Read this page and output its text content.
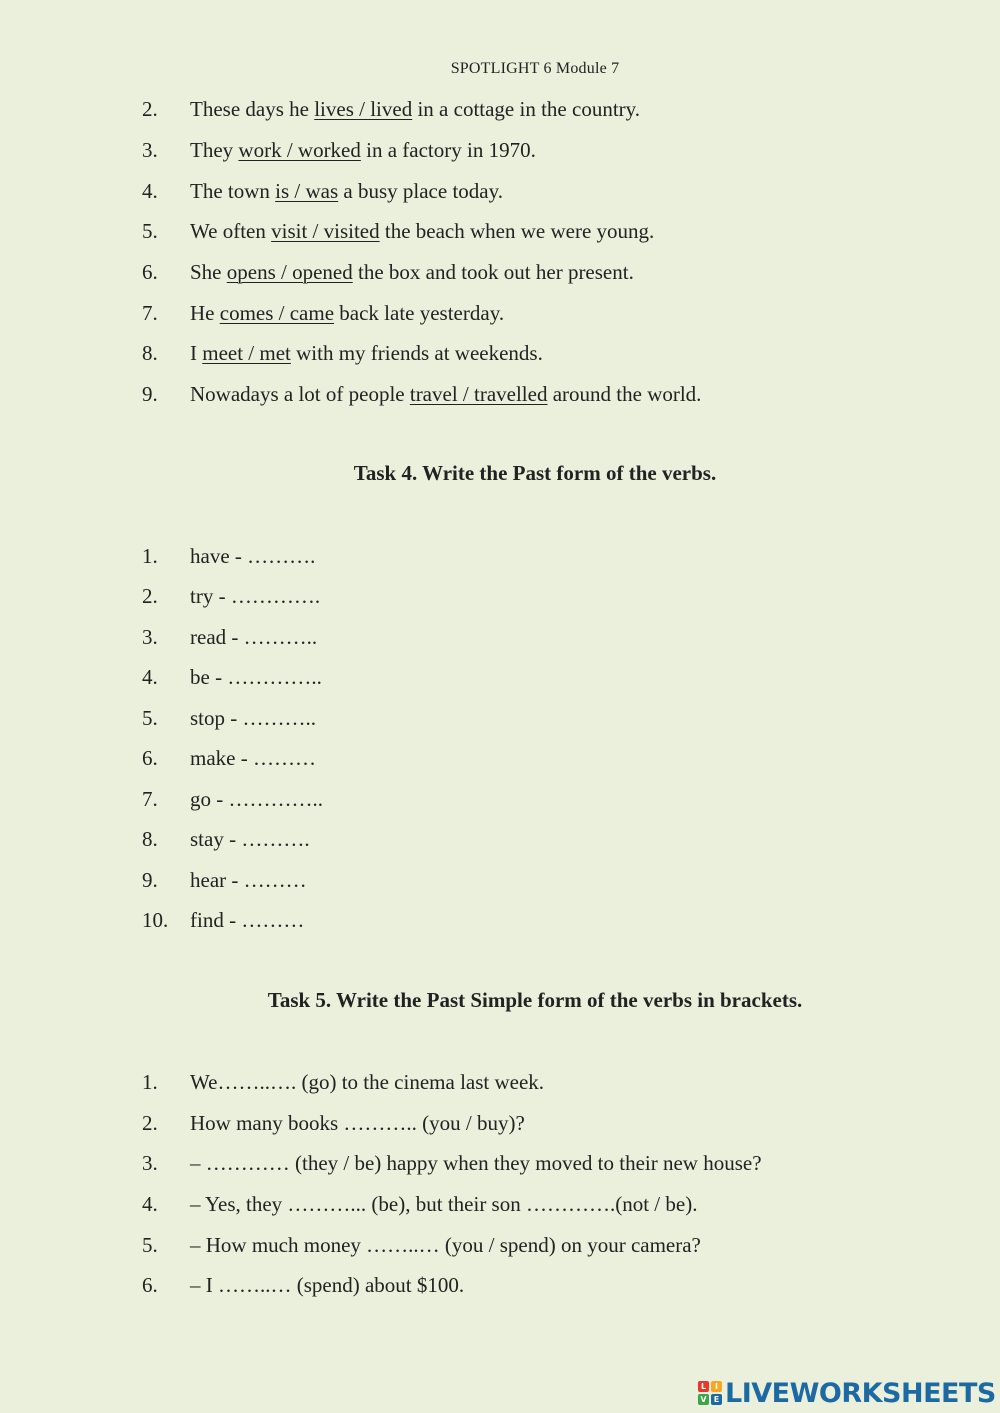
SPOTLIGHT 6 Module 7
2. These days he lives / lived in a cottage in the country.
3. They work / worked in a factory in 1970.
4. The town is / was a busy place today.
5. We often visit / visited the beach when we were young.
6. She opens / opened the box and took out her present.
7. He comes / came back late yesterday.
8. I meet / met with my friends at weekends.
9. Nowadays a lot of people travel / travelled around the world.
Task 4. Write the Past form of the verbs.
1. have - ……….
2. try - ………….
3. read - ………..
4. be - …………..
5. stop - ………..
6. make - ………
7. go - …………..
8. stay - ……….
9. hear - ………
10. find - ………
Task 5. Write the Past Simple form of the verbs in brackets.
1. We……..…. (go) to the cinema last week.
2. How many books ……….. (you / buy)?
3. – ………… (they / be) happy when they moved to their new house?
4. – Yes, they ………... (be), but their son ………….(not / be).
5. – How much money ……..… (you / spend) on your camera?
6. – I ……..… (spend) about $100.
L	I
V E LIVEWORKSHEETS
